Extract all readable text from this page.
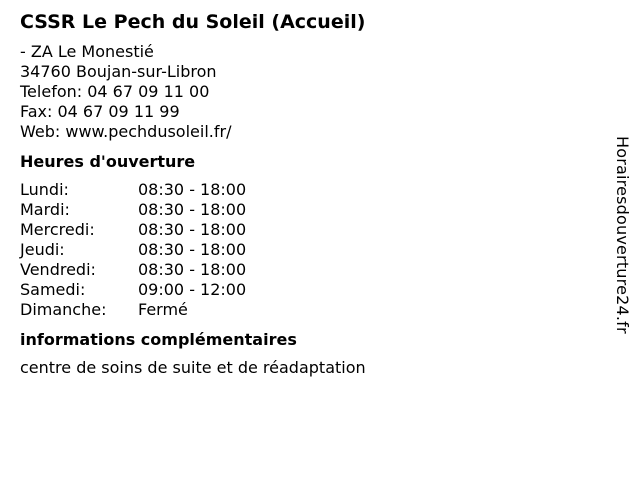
CSSR Le Pech du Soleil (Accueil)
- ZA Le Monestié
34760 Boujan-sur-Libron
Telefon: 04 67 09 11 00
Fax: 04 67 09 11 99
Web: www.pechdusoleil.fr/
Heures d'ouverture
Lundi:	08:30 - 18:00
Mardi:	08:30 - 18:00
Mercredi:	08:30 - 18:00
Jeudi:	08:30 - 18:00
Vendredi:	08:30 - 18:00
Samedi:	09:00 - 12:00
Dimanche:	Fermé
informations complémentaires
centre de soins de suite et de réadaptation
Horairesdouverture24.fr
